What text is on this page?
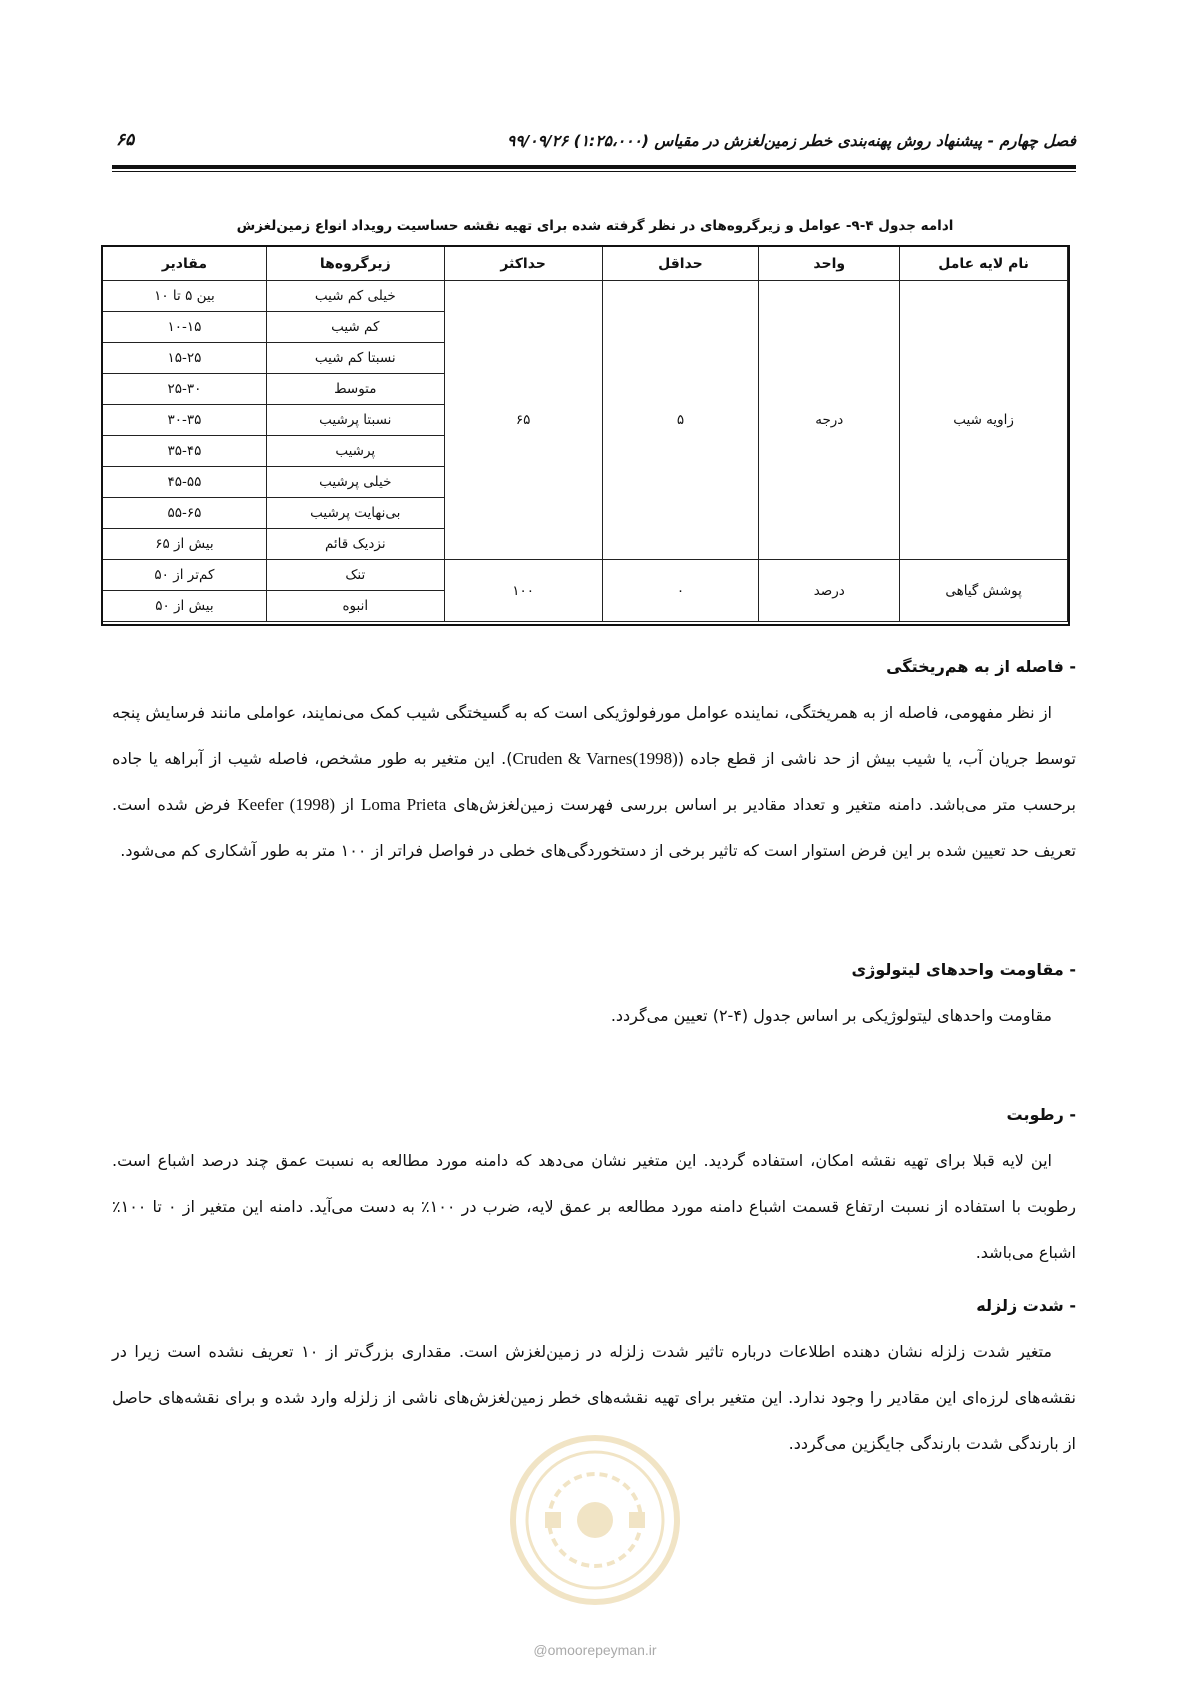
فصل چهارم - پیشنهاد روش پهنه‌بندی خطر زمین‌لغزش در مقیاس (۱:۲۵،۰۰۰) ۹۹/۰۹/۲۶
۶۵
ادامه جدول ۴-۹- عوامل و زیرگروه‌های در نظر گرفته شده برای تهیه نقشه حساسیت رویداد انواع زمین‌لغزش
نام لایه عامل	واحد	حداقل	حداکثر	زیرگروه‌ها	مقادیر
زاویه شیب	درجه	۵	۶۵	خیلی کم شیب	بین ۵ تا ۱۰
				کم شیب	۱۰-۱۵
				نسبتا کم شیب	۱۵-۲۵
				متوسط	۲۵-۳۰
				نسبتا پرشیب	۳۰-۳۵
				پرشیب	۳۵-۴۵
				خیلی پرشیب	۴۵-۵۵
				بی‌نهایت پرشیب	۵۵-۶۵
				نزدیک قائم	بیش از ۶۵
پوشش گیاهی	درصد	۰	۱۰۰	تنک	کم‌تر از ۵۰
				انبوه	بیش از ۵۰
- فاصله از به هم‌ریختگی

از نظر مفهومی، فاصله از به همریختگی، نماینده عوامل مورفولوژیکی است که به گسیختگی شیب کمک می‌نمایند، عواملی مانند فرسایش پنجه توسط جریان آب، یا شیب بیش از حد ناشی از قطع جاده (Cruden & Varnes(1998)). این متغیر به طور مشخص، فاصله شیب از آبراهه یا جاده برحسب متر می‌باشد. دامنه متغیر و تعداد مقادیر بر اساس بررسی فهرست زمین‌لغزش‌های Loma Prieta از Keefer (1998) فرض شده است. تعریف حد تعیین شده بر این فرض استوار است که تاثیر برخی از دستخوردگی‌های خطی در فواصل فراتر از ۱۰۰ متر به طور آشکاری کم می‌شود.

- مقاومت واحدهای لیتولوژی

مقاومت واحدهای لیتولوژیکی بر اساس جدول (۴-۲) تعیین می‌گردد.

- رطوبت

این لایه قبلا برای تهیه نقشه امکان، استفاده گردید. این متغیر نشان می‌دهد که دامنه مورد مطالعه به نسبت عمق چند درصد اشباع است. رطوبت با استفاده از نسبت ارتفاع قسمت اشباع دامنه مورد مطالعه بر عمق لایه، ضرب در ۱۰۰٪ به دست می‌آید. دامنه این متغیر از ۰ تا ۱۰۰٪ اشباع می‌باشد.

- شدت زلزله

متغیر شدت زلزله نشان دهنده اطلاعات درباره تاثیر شدت زلزله در زمین‌لغزش است. مقداری بزرگ‌تر از ۱۰ تعریف نشده است زیرا در نقشه‌های لرزه‌ای این مقادیر را وجود ندارد. این متغیر برای تهیه نقشه‌های خطر زمین‌لغزش‌های ناشی از زلزله وارد شده و برای نقشه‌های حاصل از بارندگی شدت بارندگی جایگزین می‌گردد.

@omoorepeyman.ir
